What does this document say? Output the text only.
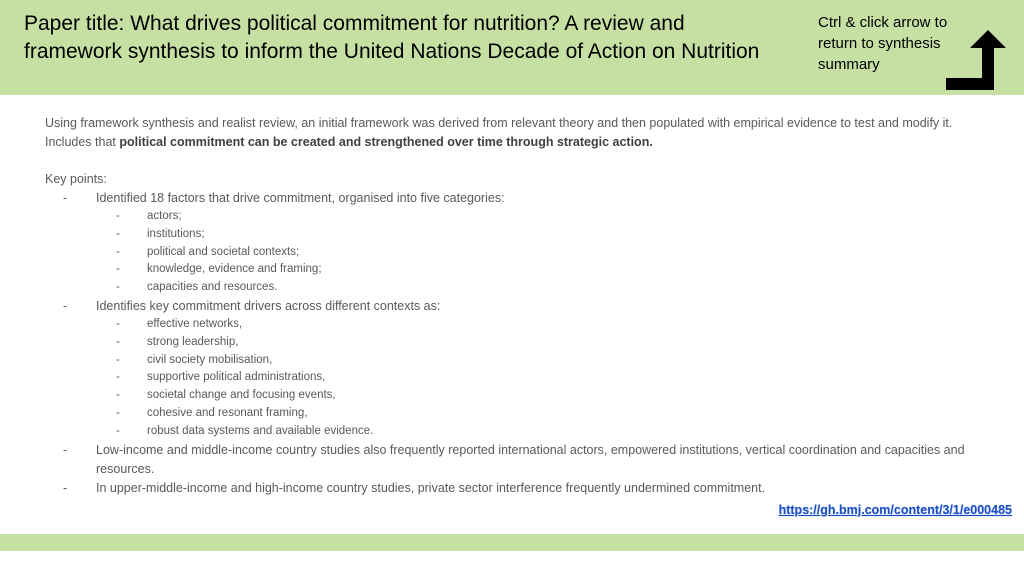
Paper title: What drives political commitment for nutrition? A review and framework synthesis to inform the United Nations Decade of Action on Nutrition
Ctrl & click arrow to return to synthesis summary

Using framework synthesis and realist review, an initial framework was derived from relevant theory and then populated with empirical evidence to test and modify it. Includes that political commitment can be created and strengthened over time through strategic action.

Key points:
- Identified 18 factors that drive commitment, organised into five categories:
- actors;
- institutions;
- political and societal contexts;
- knowledge, evidence and framing;
- capacities and resources.
- Identifies key commitment drivers across different contexts as:
- effective networks,
- strong leadership,
- civil society mobilisation,
- supportive political administrations,
- societal change and focusing events,
- cohesive and resonant framing,
- robust data systems and available evidence.
- Low-income and middle-income country studies also frequently reported international actors, empowered institutions, vertical coordination and capacities and resources.
- In upper-middle-income and high-income country studies, private sector interference frequently undermined commitment.
https://gh.bmj.com/content/3/1/e000485
